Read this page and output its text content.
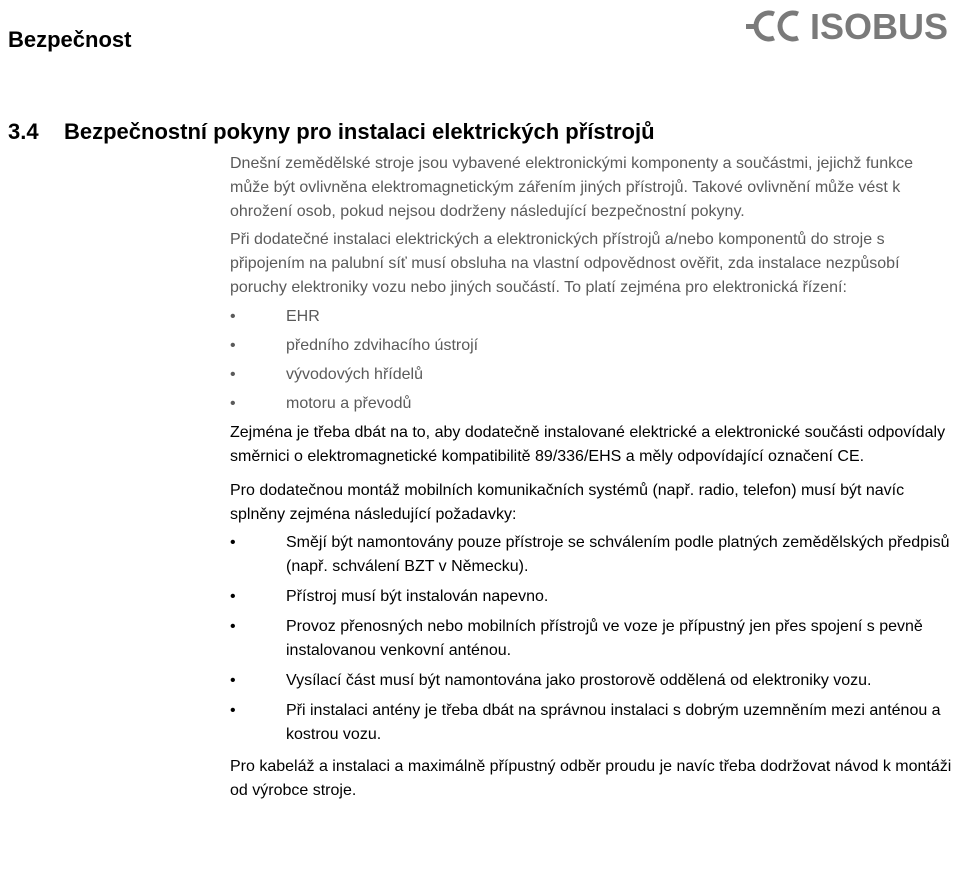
Bezpečnost	ISOBUS
3.4 Bezpečnostní pokyny pro instalaci elektrických přístrojů

Dnešní zemědělské stroje jsou vybavené elektronickými komponenty a součástmi, jejichž funkce může být ovlivněna elektromagnetickým zářením jiných přístrojů. Takové ovlivnění může vést k ohrožení osob, pokud nejsou dodrženy následující bezpečnostní pokyny.

Při dodatečné instalaci elektrických a elektronických přístrojů a/nebo komponentů do stroje s připojením na palubní síť musí obsluha na vlastní odpovědnost ověřit, zda instalace nezpůsobí poruchy elektroniky vozu nebo jiných součástí. To platí zejména pro elektronická řízení:

• EHR
• předního zdvihacího ústrojí
• vývodových hřídelů
• motoru a převodů

Zejména je třeba dbát na to, aby dodatečně instalované elektrické a elektronické součásti odpovídaly směrnici o elektromagnetické kompatibilitě 89/336/EHS a měly odpovídající označení CE.

Pro dodatečnou montáž mobilních komunikačních systémů (např. radio, telefon) musí být navíc splněny zejména následující požadavky:

• Smějí být namontovány pouze přístroje se schválením podle platných zemědělských předpisů (např. schválení BZT v Německu).
• Přístroj musí být instalován napevno.
• Provoz přenosných nebo mobilních přístrojů ve voze je přípustný jen přes spojení s pevně instalovanou venkovní anténou.
• Vysílací část musí být namontována jako prostorově oddělená od elektroniky vozu.
• Při instalaci antény je třeba dbát na správnou instalaci s dobrým uzemněním mezi anténou a kostrou vozu.

Pro kabeláž a instalaci a maximálně přípustný odběr proudu je navíc třeba dodržovat návod k montáži od výrobce stroje.
